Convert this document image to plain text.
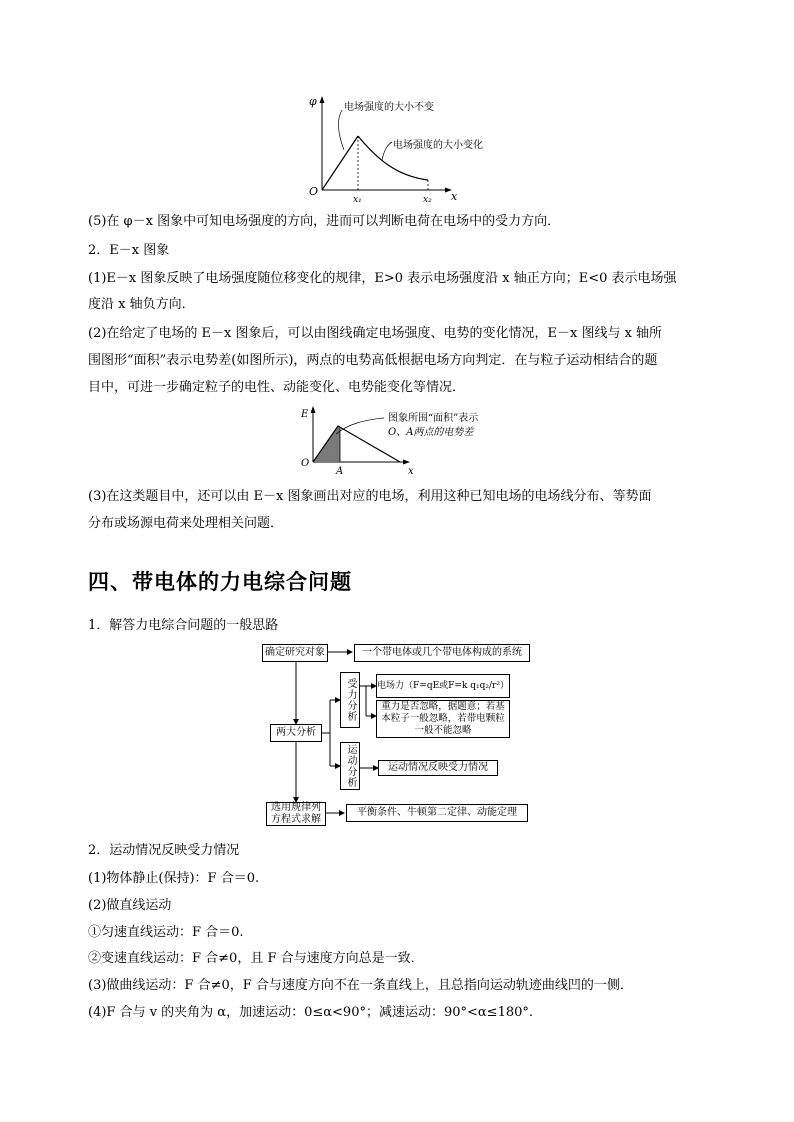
φ
O	x
x₁	x₂
电场强度的大小不变
电场强度的大小变化
(5)在 φ－x 图象中可知电场强度的方向，进而可以判断电荷在电场中的受力方向．
2．E－x 图象
(1)E－x 图象反映了电场强度随位移变化的规律，E>0 表示电场强度沿 x 轴正方向；E<0 表示电场强
度沿 x 轴负方向．
(2)在给定了电场的 E－x 图象后，可以由图线确定电场强度、电势的变化情况，E－x 图线与 x 轴所
围图形“面积”表示电势差(如图所示)，两点的电势高低根据电场方向判定．在与粒子运动相结合的题
目中，可进一步确定粒子的电性、动能变化、电势能变化等情况．
E
O
A	x
图象所围“面积”表示
O、A两点的电势差
(3)在这类题目中，还可以由 E－x 图象画出对应的电场，利用这种已知电场的电场线分布、等势面
分布或场源电荷来处理相关问题．
四、带电体的力电综合问题
1．解答力电综合问题的一般思路
确定研究对象	一个带电体或几个带电体构成的系统
两大分析
受力分析	电场力（F=qE或F=k q₁q₂/r²）
重力是否忽略，据题意；若基本粒子一般忽略，若带电颗粒一般不能忽略
运动分析	运动情况反映受力情况
选用规律列方程式求解
平衡条件、牛顿第二定律、动能定理
2．运动情况反映受力情况
(1)物体静止(保持)：F 合＝0.
(2)做直线运动
①匀速直线运动：F 合＝0.
②变速直线运动：F 合≠0，且 F 合与速度方向总是一致．
(3)做曲线运动：F 合≠0，F 合与速度方向不在一条直线上，且总指向运动轨迹曲线凹的一侧．
(4)F 合与 v 的夹角为 α，加速运动：0≤α<90°；减速运动：90°<α≤180°.
